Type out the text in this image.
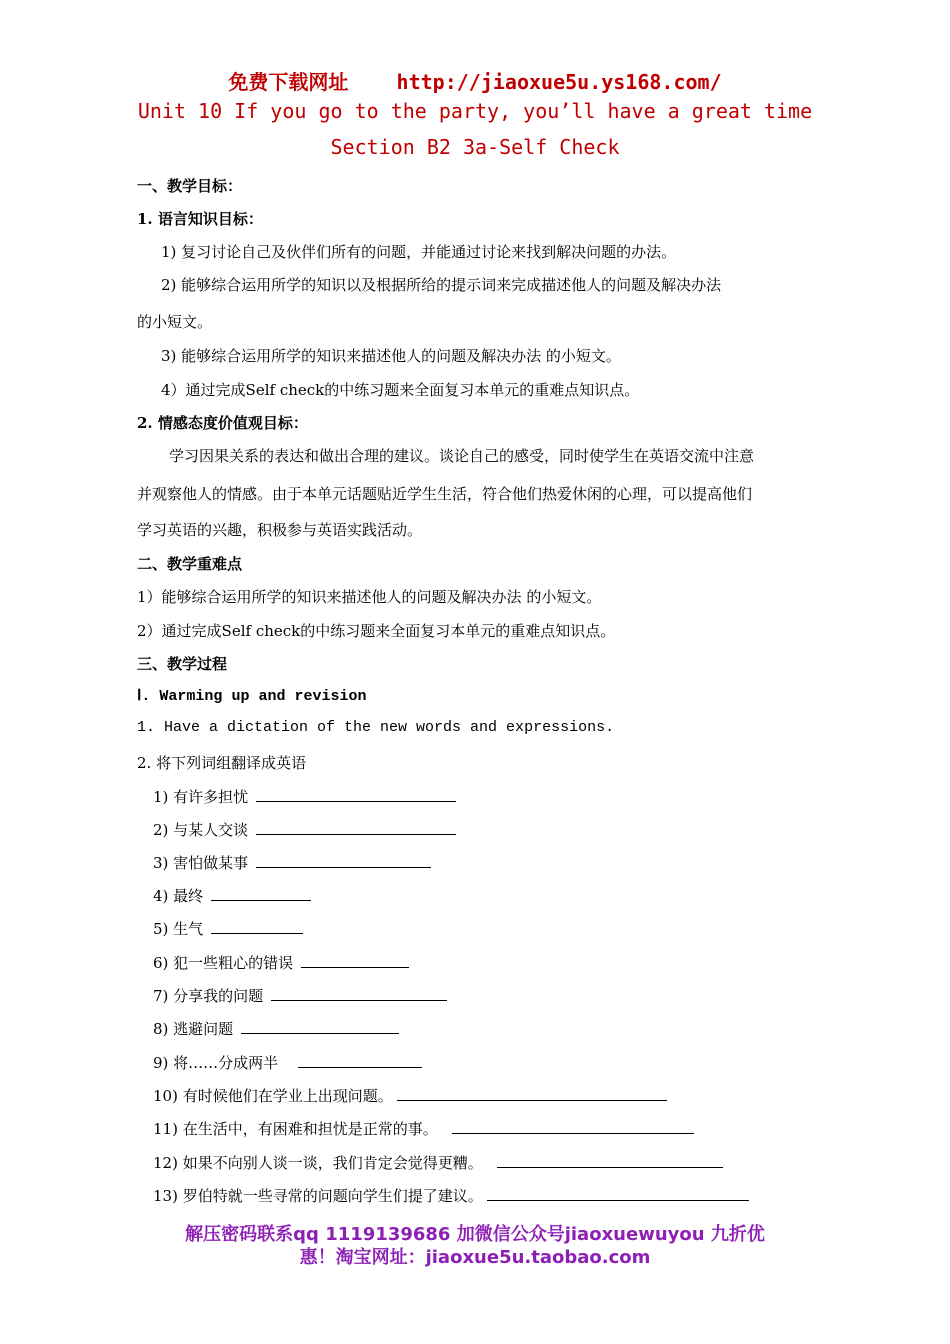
免费下载网址 http://jiaoxue5u.ys168.com/
Unit 10 If you go to the party, you’ll have a great time
Section B2 3a-Self Check
一、教学目标：
1. 语言知识目标：
1) 复习讨论自己及伙伴们所有的问题，并能通过讨论来找到解决问题的办法。
2) 能够综合运用所学的知识以及根据所给的提示词来完成描述他人的问题及解决办法
的小短文。
3) 能够综合运用所学的知识来描述他人的问题及解决办法 的小短文。
4）通过完成Self check的中练习题来全面复习本单元的重难点知识点。
2. 情感态度价值观目标：
学习因果关系的表达和做出合理的建议。谈论自己的感受，同时使学生在英语交流中注意
并观察他人的情感。由于本单元话题贴近学生生活，符合他们热爱休闲的心理，可以提高他们
学习英语的兴趣，积极参与英语实践活动。
二、教学重难点
1）能够综合运用所学的知识来描述他人的问题及解决办法 的小短文。
2）通过完成Self check的中练习题来全面复习本单元的重难点知识点。
三、教学过程
Ⅰ. Warming up and revision
1. Have a dictation of the new words and expressions.
2. 将下列词组翻译成英语
1) 有许多担忧
2) 与某人交谈
3) 害怕做某事
4) 最终
5) 生气
6) 犯一些粗心的错误
7) 分享我的问题
8) 逃避问题
9) 将……分成两半
10) 有时候他们在学业上出现问题。
11) 在生活中，有困难和担忧是正常的事。
12) 如果不向别人谈一谈，我们肯定会觉得更糟。
13) 罗伯特就一些寻常的问题向学生们提了建议。
解压密码联系qq 1119139686 加微信公众号jiaoxuewuyou 九折优
惠！淘宝网址：jiaoxue5u.taobao.com
